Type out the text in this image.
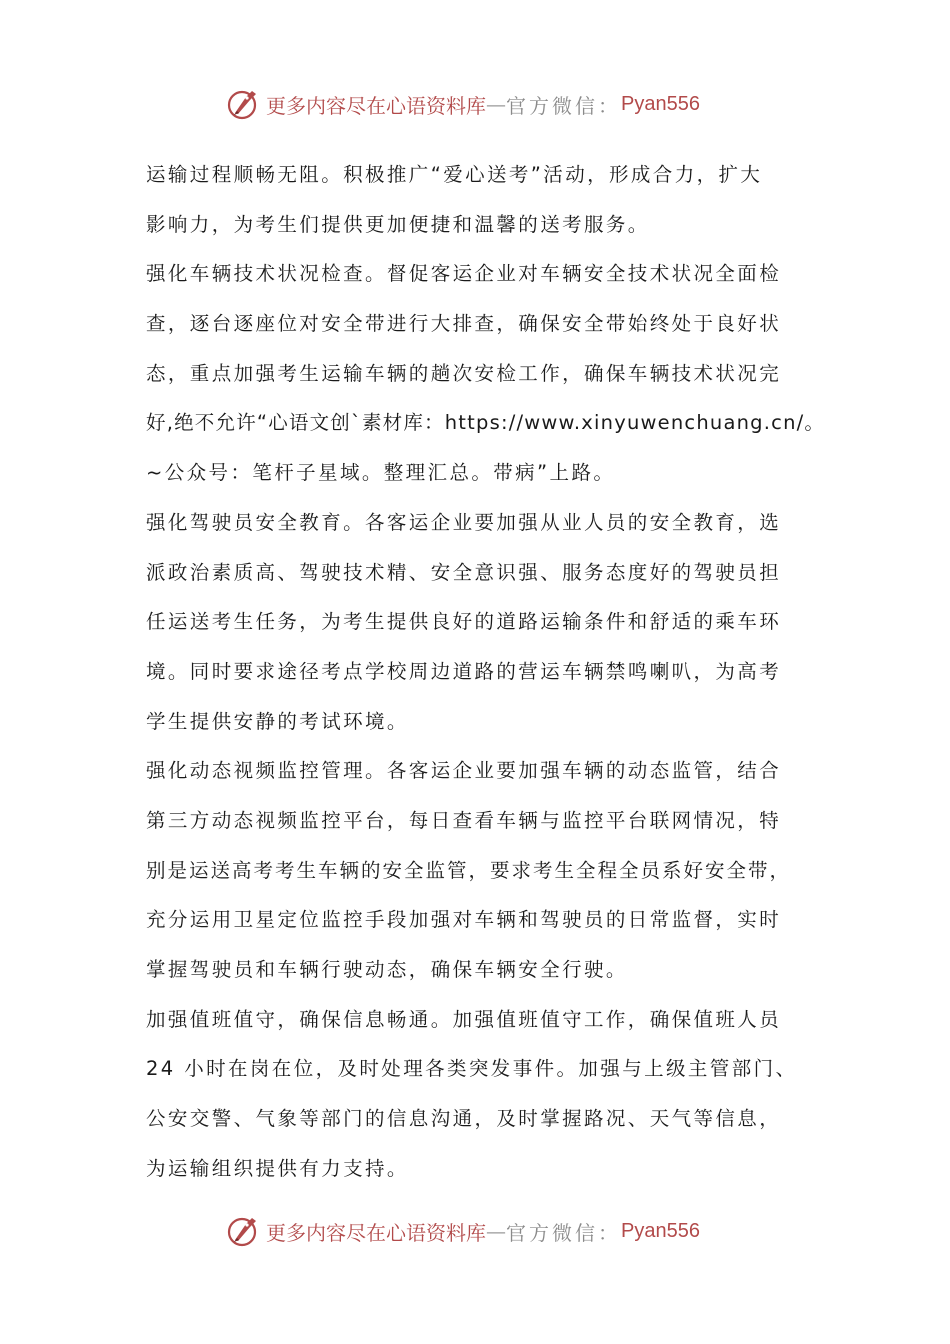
更多内容尽在心语资料库 — 官方微信： Pyan556
运输过程顺畅无阻。积极推广“爱心送考”活动，形成合力，扩大
影响力，为考生们提供更加便捷和温馨的送考服务。
强化车辆技术状况检查。督促客运企业对车辆安全技术状况全面检
查，逐台逐座位对安全带进行大排查，确保安全带始终处于良好状
态，重点加强考生运输车辆的趟次安检工作，确保车辆技术状况完
好,绝不允许“心语文创`素材库：https://www.xinyuwenchuang.cn/。
~公众号：笔杆子星域。整理汇总。带病”上路。
强化驾驶员安全教育。各客运企业要加强从业人员的安全教育，选
派政治素质高、驾驶技术精、安全意识强、服务态度好的驾驶员担
任运送考生任务，为考生提供良好的道路运输条件和舒适的乘车环
境。同时要求途径考点学校周边道路的营运车辆禁鸣喇叭，为高考
学生提供安静的考试环境。
强化动态视频监控管理。各客运企业要加强车辆的动态监管，结合
第三方动态视频监控平台，每日查看车辆与监控平台联网情况，特
别是运送高考考生车辆的安全监管，要求考生全程全员系好安全带，
充分运用卫星定位监控手段加强对车辆和驾驶员的日常监督，实时
掌握驾驶员和车辆行驶动态，确保车辆安全行驶。
加强值班值守，确保信息畅通。加强值班值守工作，确保值班人员
24 小时在岗在位，及时处理各类突发事件。加强与上级主管部门、
公安交警、气象等部门的信息沟通，及时掌握路况、天气等信息，
为运输组织提供有力支持。
更多内容尽在心语资料库 — 官方微信： Pyan556
